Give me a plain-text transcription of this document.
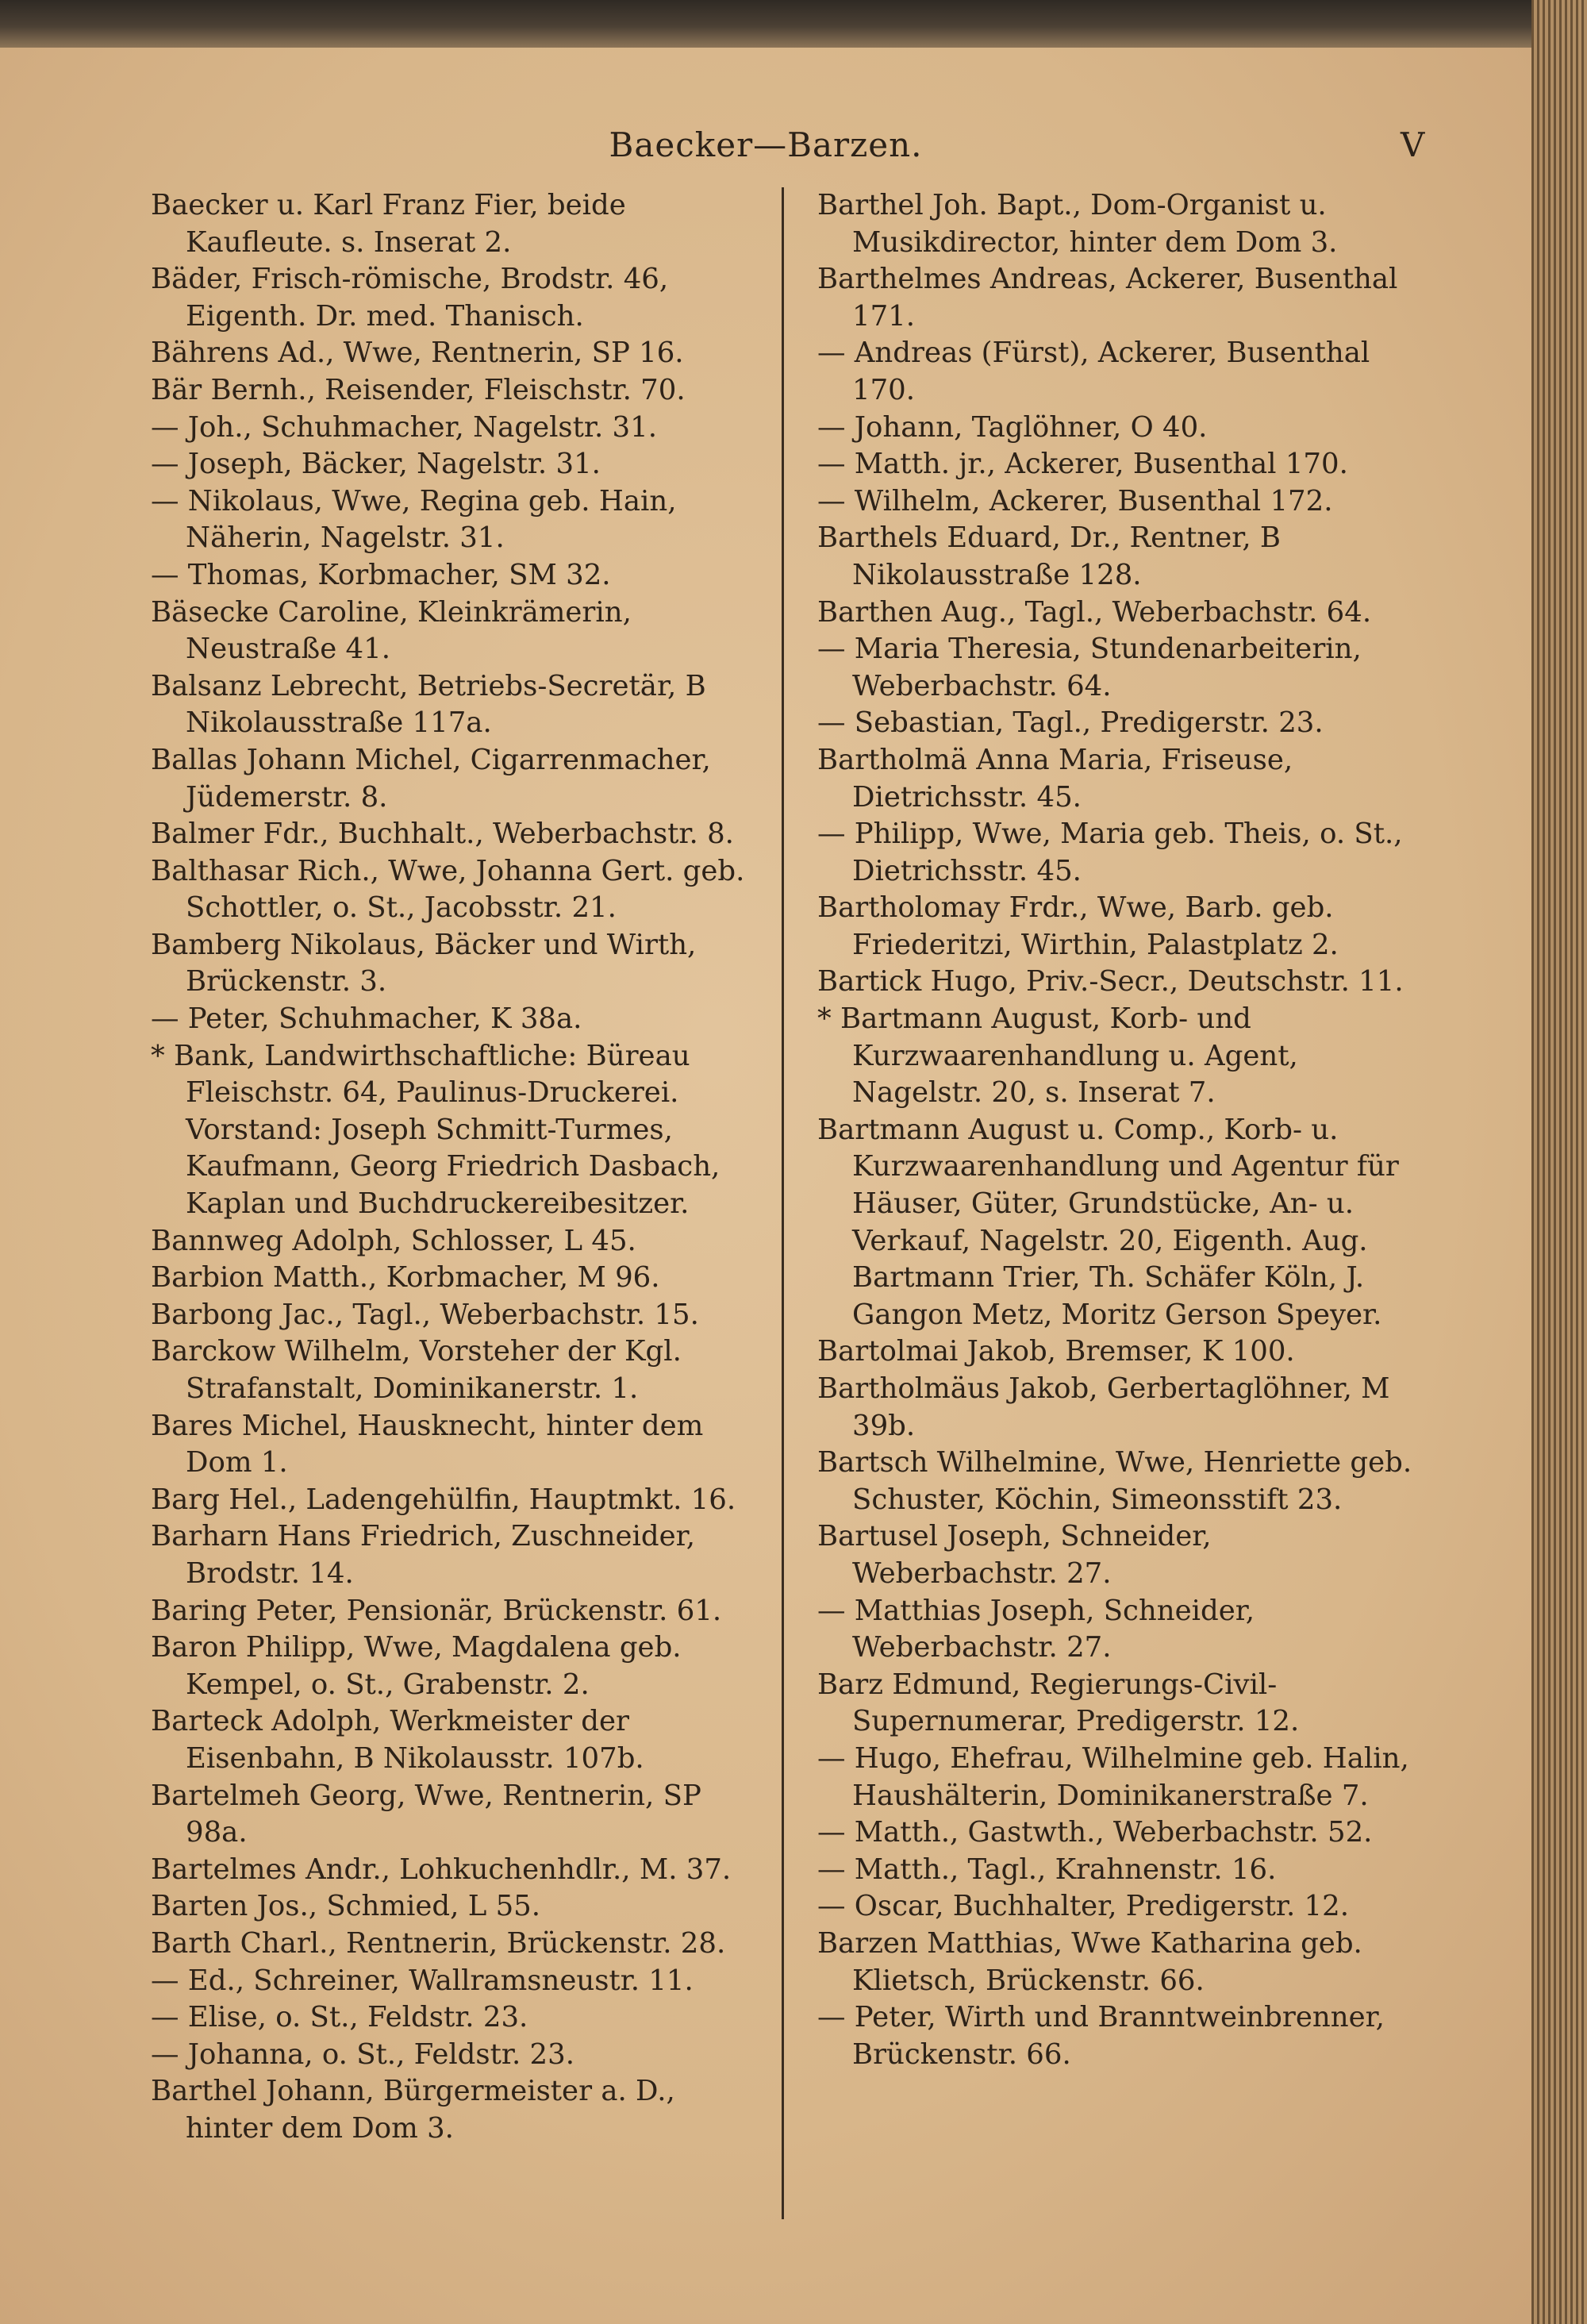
Baecker—Barzen.	V

Baecker u. Karl Franz Fier, beide Kaufleute. s. Inserat 2.

Bäder, Frisch-römische, Brodstr. 46, Eigenth. Dr. med. Thanisch.

Bährens Ad., Wwe, Rentnerin, SP 16.

Bär Bernh., Reisender, Fleischstr. 70.

— Joh., Schuhmacher, Nagelstr. 31.

— Joseph, Bäcker, Nagelstr. 31.

— Nikolaus, Wwe, Regina geb. Hain, Näherin, Nagelstr. 31.

— Thomas, Korbmacher, SM 32.

Bäsecke Caroline, Kleinkrämerin, Neustraße 41.

Balsanz Lebrecht, Betriebs-Secretär, B Nikolausstraße 117a.

Ballas Johann Michel, Cigarrenmacher, Jüdemerstr. 8.

Balmer Fdr., Buchhalt., Weberbachstr. 8.

Balthasar Rich., Wwe, Johanna Gert. geb. Schottler, o. St., Jacobsstr. 21.

Bamberg Nikolaus, Bäcker und Wirth, Brückenstr. 3.

— Peter, Schuhmacher, K 38a.

* Bank, Landwirthschaftliche: Büreau Fleischstr. 64, Paulinus-Druckerei. Vorstand: Joseph Schmitt-Turmes, Kaufmann, Georg Friedrich Dasbach, Kaplan und Buchdruckereibesitzer.

Bannweg Adolph, Schlosser, L 45.

Barbion Matth., Korbmacher, M 96.

Barbong Jac., Tagl., Weberbachstr. 15.

Barckow Wilhelm, Vorsteher der Kgl. Strafanstalt, Dominikanerstr. 1.

Bares Michel, Hausknecht, hinter dem Dom 1.

Barg Hel., Ladengehülfin, Hauptmkt. 16.

Barharn Hans Friedrich, Zuschneider, Brodstr. 14.

Baring Peter, Pensionär, Brückenstr. 61.

Baron Philipp, Wwe, Magdalena geb. Kempel, o. St., Grabenstr. 2.

Barteck Adolph, Werkmeister der Eisenbahn, B Nikolausstr. 107b.

Bartelmeh Georg, Wwe, Rentnerin, SP 98a.

Bartelmes Andr., Lohkuchenhdlr., M. 37.

Barten Jos., Schmied, L 55.

Barth Charl., Rentnerin, Brückenstr. 28.

— Ed., Schreiner, Wallramsneustr. 11.

— Elise, o. St., Feldstr. 23.

— Johanna, o. St., Feldstr. 23.

Barthel Johann, Bürgermeister a. D., hinter dem Dom 3.

Barthel Joh. Bapt., Dom-Organist u. Musikdirector, hinter dem Dom 3.

Barthelmes Andreas, Ackerer, Busenthal 171.

— Andreas (Fürst), Ackerer, Busenthal 170.

— Johann, Taglöhner, O 40.

— Matth. jr., Ackerer, Busenthal 170.

— Wilhelm, Ackerer, Busenthal 172.

Barthels Eduard, Dr., Rentner, B Nikolausstraße 128.

Barthen Aug., Tagl., Weberbachstr. 64.

— Maria Theresia, Stundenarbeiterin, Weberbachstr. 64.

— Sebastian, Tagl., Predigerstr. 23.

Bartholmä Anna Maria, Friseuse, Dietrichsstr. 45.

— Philipp, Wwe, Maria geb. Theis, o. St., Dietrichsstr. 45.

Bartholomay Frdr., Wwe, Barb. geb. Friederitzi, Wirthin, Palastplatz 2.

Bartick Hugo, Priv.-Secr., Deutschstr. 11.

* Bartmann August, Korb- und Kurzwaarenhandlung u. Agent, Nagelstr. 20, s. Inserat 7.

Bartmann August u. Comp., Korb- u. Kurzwaarenhandlung und Agentur für Häuser, Güter, Grundstücke, An- u. Verkauf, Nagelstr. 20, Eigenth. Aug. Bartmann Trier, Th. Schäfer Köln, J. Gangon Metz, Moritz Gerson Speyer.

Bartolmai Jakob, Bremser, K 100.

Bartholmäus Jakob, Gerbertaglöhner, M 39b.

Bartsch Wilhelmine, Wwe, Henriette geb. Schuster, Köchin, Simeonsstift 23.

Bartusel Joseph, Schneider, Weberbachstr. 27.

— Matthias Joseph, Schneider, Weberbachstr. 27.

Barz Edmund, Regierungs-Civil-Supernumerar, Predigerstr. 12.

— Hugo, Ehefrau, Wilhelmine geb. Halin, Haushälterin, Dominikanerstraße 7.

— Matth., Gastwth., Weberbachstr. 52.

— Matth., Tagl., Krahnenstr. 16.

— Oscar, Buchhalter, Predigerstr. 12.

Barzen Matthias, Wwe Katharina geb. Klietsch, Brückenstr. 66.

— Peter, Wirth und Branntweinbrenner, Brückenstr. 66.
